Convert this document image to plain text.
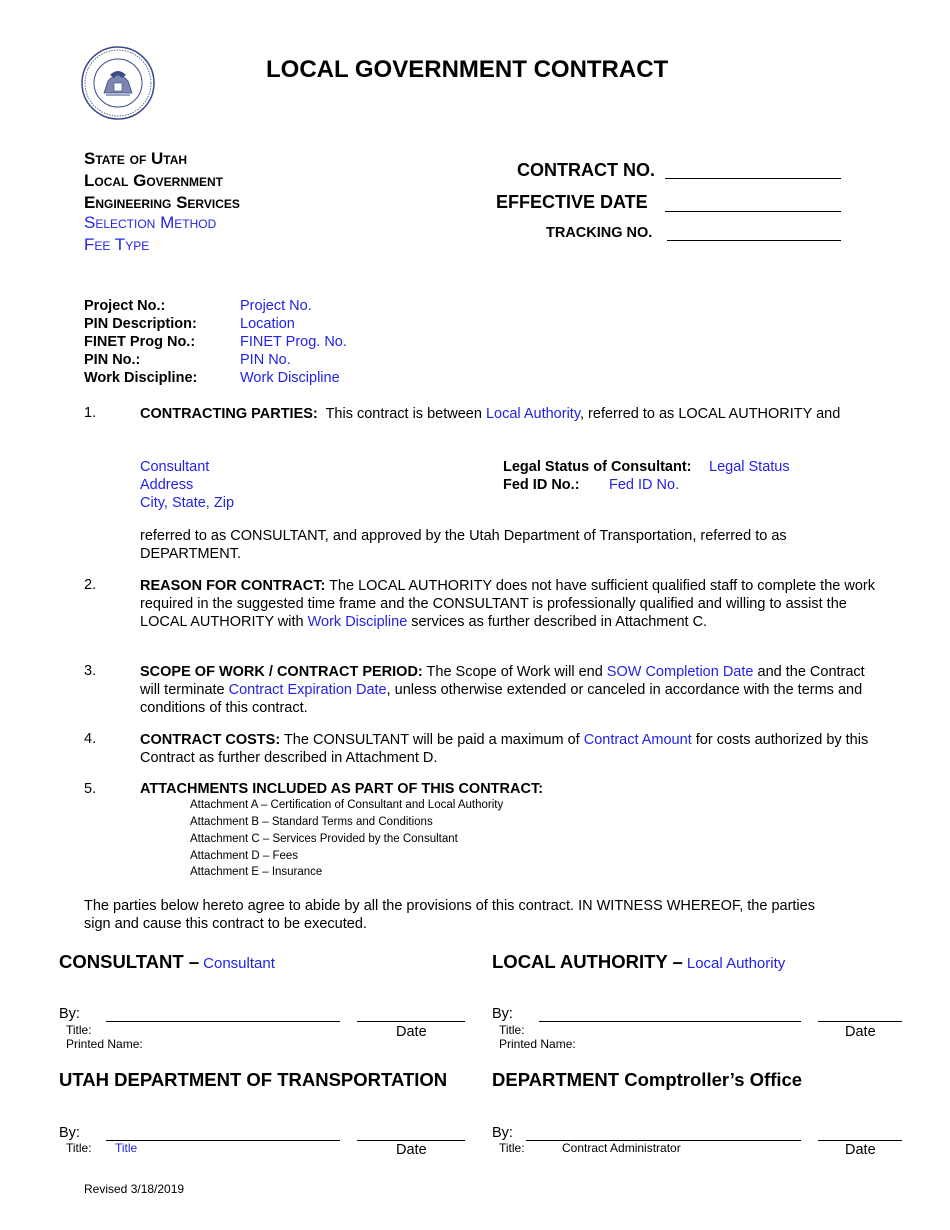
LOCAL GOVERNMENT CONTRACT
State of Utah
Local Government
Engineering Services
Selection Method
Fee Type
CONTRACT NO.
EFFECTIVE DATE
TRACKING NO.
Project No.:	Project No.
PIN Description:	Location
FINET Prog No.:	FINET Prog. No.
PIN No.:	PIN No.
Work Discipline:	Work Discipline
1.	CONTRACTING PARTIES: This contract is between Local Authority, referred to as LOCAL AUTHORITY and
Consultant
Address
City, State, Zip
Legal Status of Consultant: Legal Status
Fed ID No.: Fed ID No.
referred to as CONSULTANT, and approved by the Utah Department of Transportation, referred to as DEPARTMENT.
2.	REASON FOR CONTRACT: The LOCAL AUTHORITY does not have sufficient qualified staff to complete the work required in the suggested time frame and the CONSULTANT is professionally qualified and willing to assist the LOCAL AUTHORITY with Work Discipline services as further described in Attachment C.
3.	SCOPE OF WORK / CONTRACT PERIOD: The Scope of Work will end SOW Completion Date and the Contract will terminate Contract Expiration Date, unless otherwise extended or canceled in accordance with the terms and conditions of this contract.
4.	CONTRACT COSTS: The CONSULTANT will be paid a maximum of Contract Amount for costs authorized by this Contract as further described in Attachment D.
5.	ATTACHMENTS INCLUDED AS PART OF THIS CONTRACT:
Attachment A – Certification of Consultant and Local Authority
Attachment B – Standard Terms and Conditions
Attachment C – Services Provided by the Consultant
Attachment D – Fees
Attachment E – Insurance
The parties below hereto agree to abide by all the provisions of this contract. IN WITNESS WHEREOF, the parties sign and cause this contract to be executed.
CONSULTANT – Consultant
By:
Title:
Printed Name:
Date
LOCAL AUTHORITY – Local Authority
By:
Title:
Printed Name:
Date
UTAH DEPARTMENT OF TRANSPORTATION
By:
Title: Title	Date
DEPARTMENT Comptroller’s Office
By:
Title:	Contract Administrator	Date
Revised 3/18/2019
